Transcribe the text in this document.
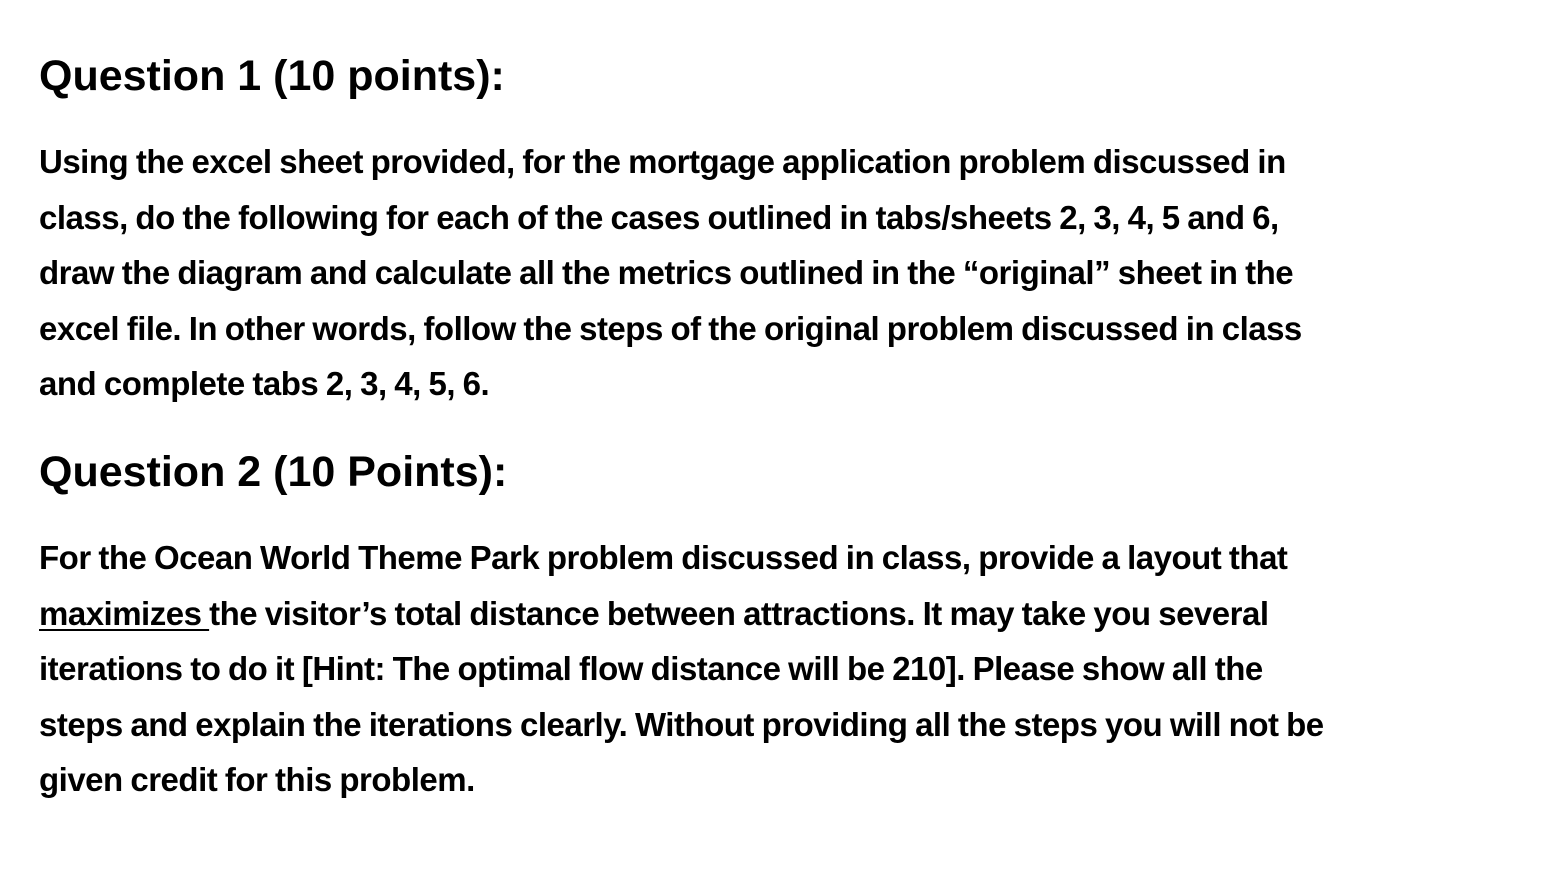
Question 1 (10 points):

Using the excel sheet provided, for the mortgage application problem discussed in
class, do the following for each of the cases outlined in tabs/sheets 2, 3, 4, 5 and 6,
draw the diagram and calculate all the metrics outlined in the “original” sheet in the
excel file. In other words, follow the steps of the original problem discussed in class
and complete tabs 2, 3, 4, 5, 6.

Question 2 (10 Points):

For the Ocean World Theme Park problem discussed in class, provide a layout that
maximizes the visitor’s total distance between attractions. It may take you several
iterations to do it [Hint: The optimal flow distance will be 210]. Please show all the
steps and explain the iterations clearly. Without providing all the steps you will not be
given credit for this problem.
